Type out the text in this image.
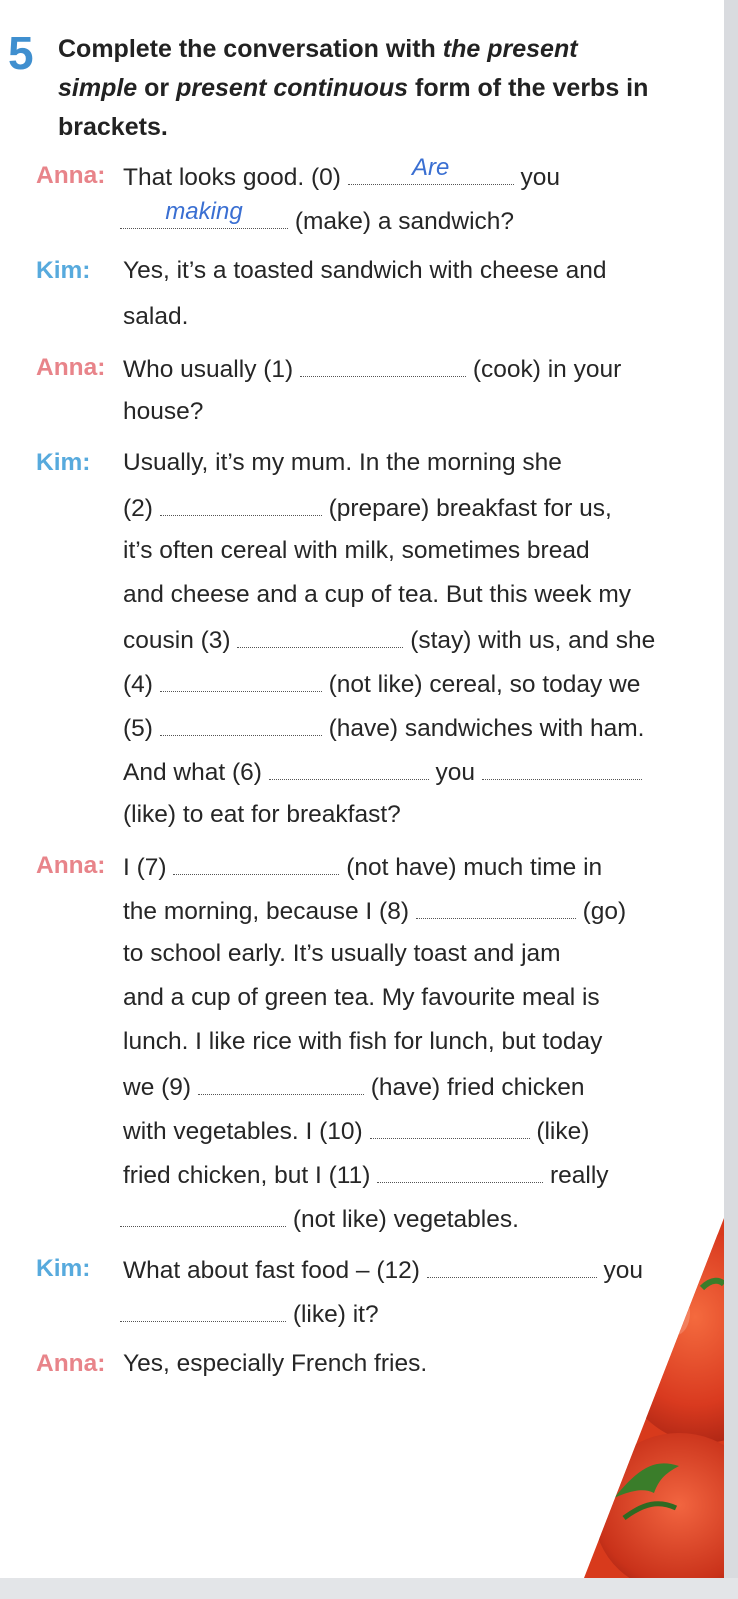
5 Complete the conversation with the present
simple or present continuous form of the verbs in
brackets.
Anna: That looks good. (0)	Are	you
making	(make) a sandwich?
Kim: Yes, it’s a toasted sandwich with cheese and
salad.
Anna: Who usually (1)	(cook) in your
house?
Kim: Usually, it’s my mum. In the morning she
(2)	(prepare) breakfast for us,
it’s often cereal with milk, sometimes bread
and cheese and a cup of tea. But this week my
cousin (3)	(stay) with us, and she
(4)	(not like) cereal, so today we
(5)	(have) sandwiches with ham.
And what (6)	you
(like) to eat for breakfast?
Anna: I (7)	(not have) much time in
the morning, because I (8)	(go)
to school early. It’s usually toast and jam
and a cup of green tea. My favourite meal is
lunch. I like rice with fish for lunch, but today
we (9)	(have) fried chicken
with vegetables. I (10)	(like)
fried chicken, but I (11)	really
(not like) vegetables.
Kim: What about fast food – (12)	you
(like) it?
Anna: Yes, especially French fries.
